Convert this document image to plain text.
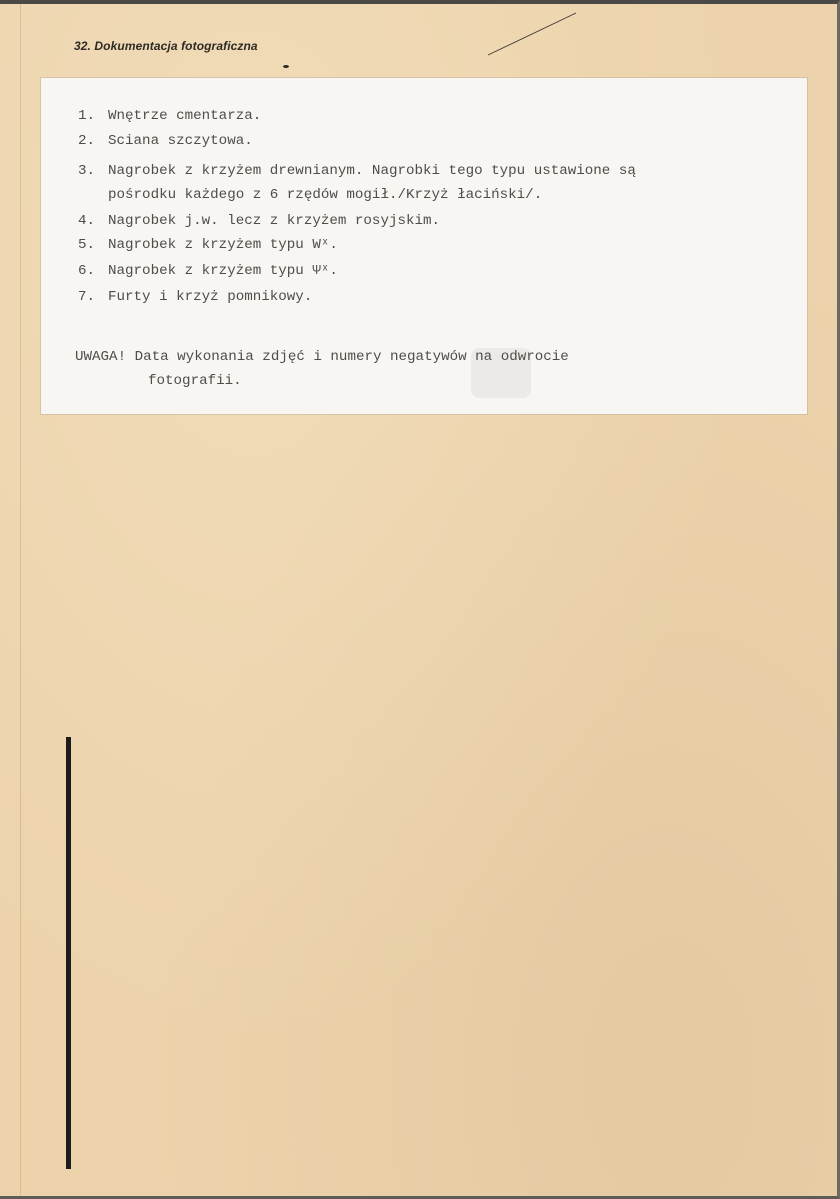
32. Dokumentacja fotograficzna
1. Wnętrze cmentarza.
2. Sciana szczytowa.
3. Nagrobek z krzyżem drewnianym. Nagrobki tego typu ustawione są
pośrodku każdego z 6 rzędów mogił./Krzyż łaciński/.
4. Nagrobek j.w. lecz z krzyżem rosyjskim.
5. Nagrobek z krzyżem typu Wˣ.
6. Nagrobek z krzyżem typu Ψˣ.
7. Furty i krzyż pomnikowy.
UWAGA! Data wykonania zdjęć i numery negatywów na odwrocie
fotografii.
